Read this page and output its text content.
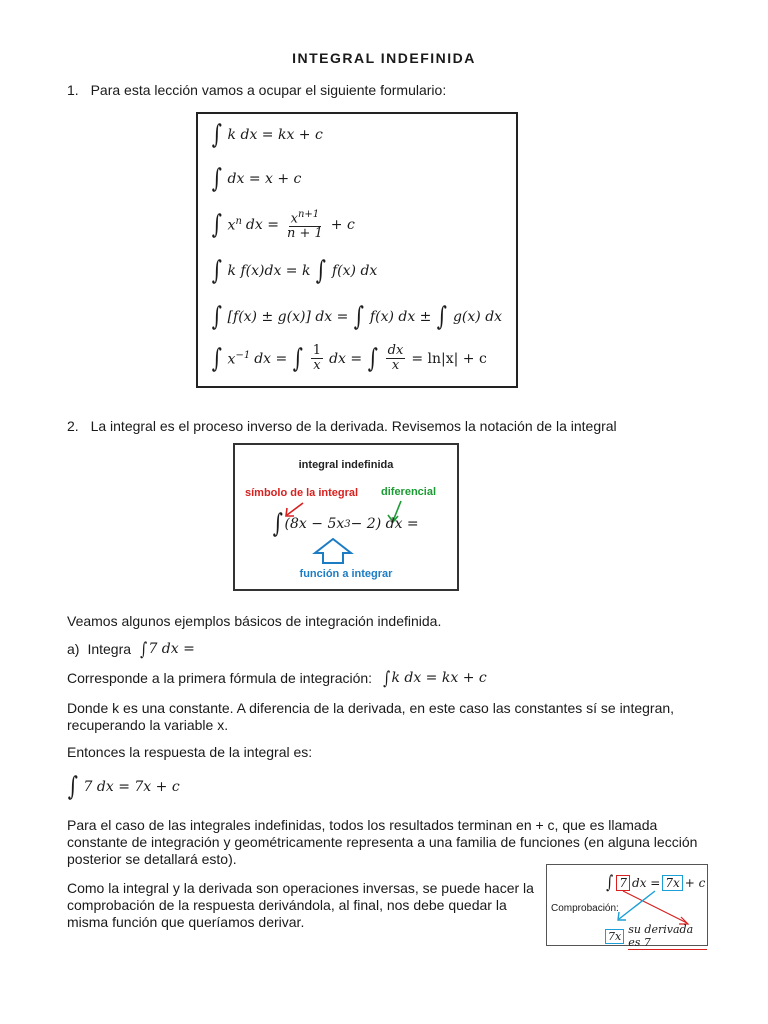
INTEGRAL INDEFINIDA
1. Para esta lección vamos a ocupar el siguiente formulario:
∫ k dx = kx + c
∫ dx = x + c
∫ $x^n$ dx = $\frac{x^{n+1}}{n + 1} + c$
∫ k f(x)dx = k ∫ f(x) dx
∫ [f(x) ± g(x)] dx = ∫ f(x) dx ± ∫ g(x) dx
∫ $x^{-1}$ dx = ∫ $\frac{1}{x}$ dx = ∫ $\frac{dx}{x} = \ln|x| + c$
2. La integral es el proceso inverso de la derivada. Revisemos la notación de la integral
integral indefinida
símbolo de la integral diferencial
∫ (8x − 5x 3 − 2) dx =
función a integrar
Veamos algunos ejemplos básicos de integración indefinida.
a) Integra ∫ 7 dx =
Corresponde a la primera fórmula de integración: ∫ k dx = kx + c
Donde k es una constante. A diferencia de la derivada, en este caso las constantes sí se integran, recuperando la variable x.
Entonces la respuesta de la integral es:
∫ 7 dx = 7x + c
Para el caso de las integrales indefinidas, todos los resultados terminan en + c, que es llamada constante de integración y geométricamente representa a una familia de funciones (en alguna lección posterior se detallará esto).
Como la integral y la derivada son operaciones inversas, se puede hacer la comprobación de la respuesta derivándola, al final, nos debe quedar la misma función que queríamos derivar.
∫ 7 dx = 7x + c
Comprobación:
7x
su derivada es 7
